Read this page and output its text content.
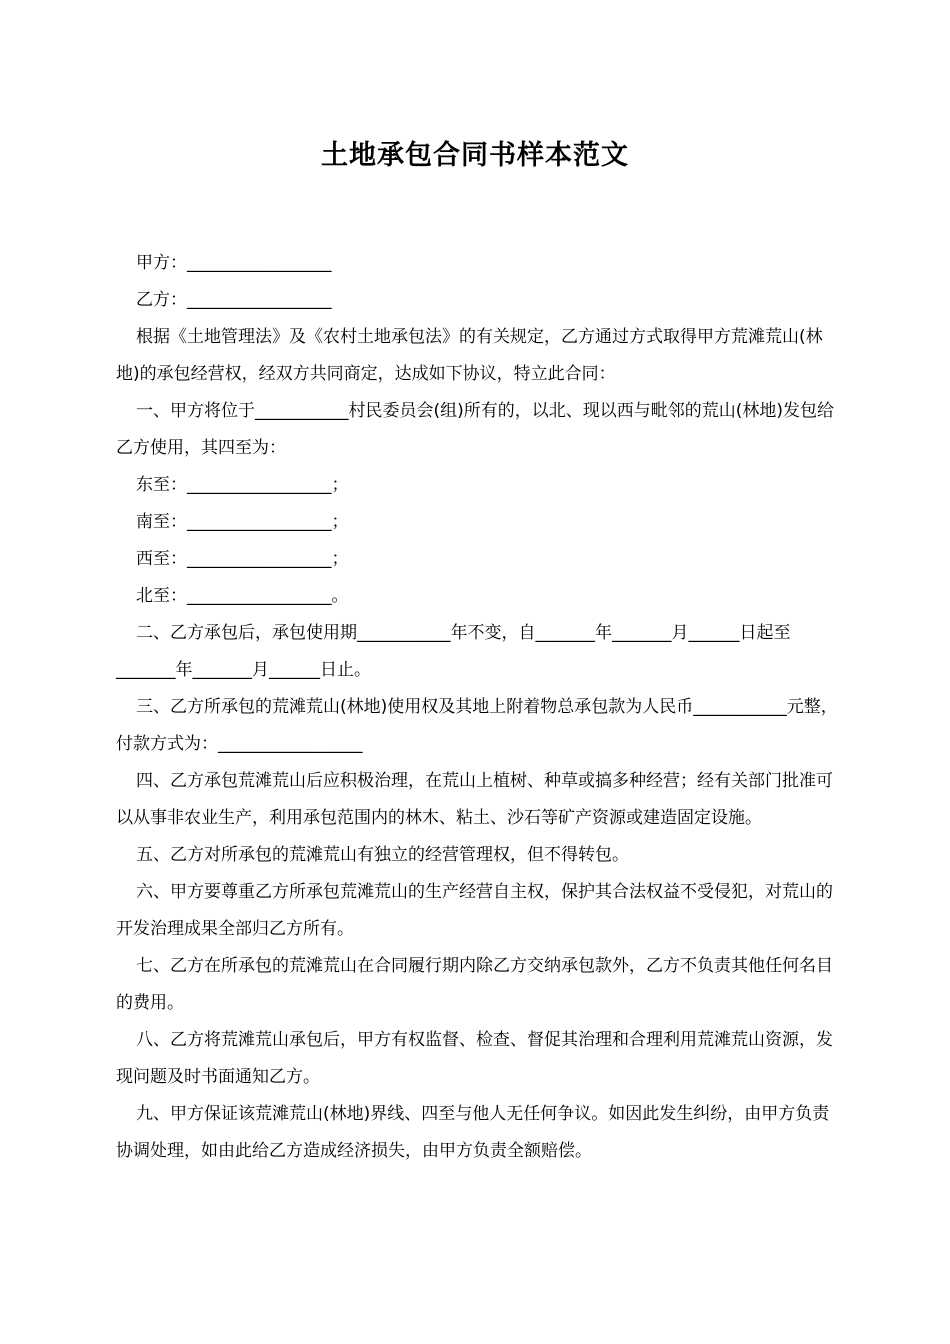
土地承包合同书样本范文

甲方：_________________

乙方：_________________

根据《土地管理法》及《农村土地承包法》的有关规定，乙方通过方式取得甲方荒滩荒山(林地)的承包经营权，经双方共同商定，达成如下协议，特立此合同：

一、甲方将位于___________村民委员会(组)所有的，以北、现以西与毗邻的荒山(林地)发包给乙方使用，其四至为：

东至：_________________；

南至：_________________；

西至：_________________；

北至：_________________。

二、乙方承包后，承包使用期___________年不变，自_______年_______月______日起至_______年_______月______日止。

三、乙方所承包的荒滩荒山(林地)使用权及其地上附着物总承包款为人民币___________元整，付款方式为：_________________

四、乙方承包荒滩荒山后应积极治理，在荒山上植树、种草或搞多种经营；经有关部门批准可以从事非农业生产，利用承包范围内的林木、粘土、沙石等矿产资源或建造固定设施。

五、乙方对所承包的荒滩荒山有独立的经营管理权，但不得转包。

六、甲方要尊重乙方所承包荒滩荒山的生产经营自主权，保护其合法权益不受侵犯，对荒山的开发治理成果全部归乙方所有。

七、乙方在所承包的荒滩荒山在合同履行期内除乙方交纳承包款外，乙方不负责其他任何名目的费用。

八、乙方将荒滩荒山承包后，甲方有权监督、检查、督促其治理和合理利用荒滩荒山资源，发现问题及时书面通知乙方。

九、甲方保证该荒滩荒山(林地)界线、四至与他人无任何争议。如因此发生纠纷，由甲方负责协调处理，如由此给乙方造成经济损失，由甲方负责全额赔偿。
